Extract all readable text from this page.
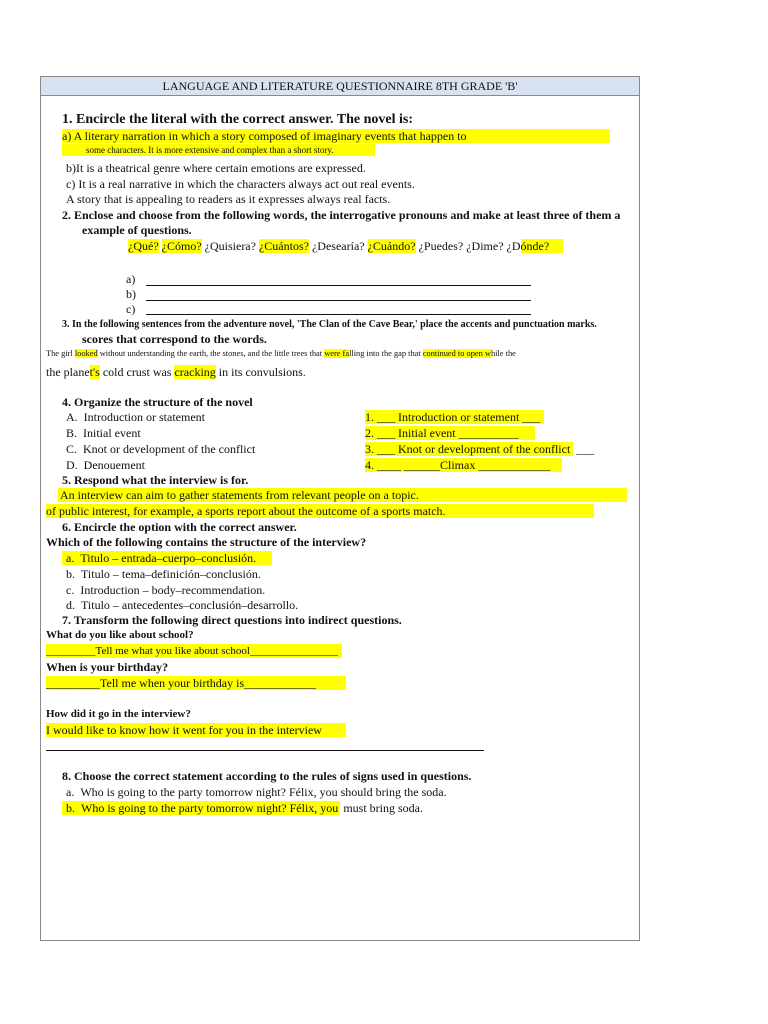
LANGUAGE AND LITERATURE QUESTIONNAIRE 8TH GRADE 'B'
1. Encircle the literal with the correct answer. The novel is:
a) A literary narration in which a story composed of imaginary events that happen to
some characters. It is more extensive and complex than a short story.
b)It is a theatrical genre where certain emotions are expressed.
c) It is a real narrative in which the characters always act out real events.
A story that is appealing to readers as it expresses always real facts.
2. Enclose and choose from the following words, the interrogative pronouns and make at least three of them a
example of questions.
¿Qué? ¿Cómo? ¿Quisiera? ¿Cuántos? ¿Desearía? ¿Cuándo? ¿Puedes? ¿Dime? ¿Dónde?
a)
b)
c)
3. In the following sentences from the adventure novel, 'The Clan of the Cave Bear,' place the accents and punctuation marks.
scores that correspond to the words.
The girl looked without understanding the earth, the stones, and the little trees that were falling into the gap that continued to open while the
the planet's cold crust was cracking in its convulsions.
4. Organize the structure of the novel
A. Introduction or statement
B. Initial event
C. Knot or development of the conflict
D. Denouement
1. ___ Introduction or statement ___
2. ___ Initial event __________
3. ___ Knot or development of the conflict ___
4. ____ ______Climax ____________
5. Respond what the interview is for.
An interview can aim to gather statements from relevant people on a topic.
of public interest, for example, a sports report about the outcome of a sports match.
6. Encircle the option with the correct answer.
Which of the following contains the structure of the interview?
a. Titulo – entrada–cuerpo–conclusión.
b. Titulo – tema–definición–conclusión.
c. Introduction – body–recommendation.
d. Titulo – antecedentes–conclusión–desarrollo.
7. Transform the following direct questions into indirect questions.
What do you like about school?
_________Tell me what you like about school________________
When is your birthday?
_________Tell me when your birthday is____________
How did it go in the interview?
I would like to know how it went for you in the interview
8. Choose the correct statement according to the rules of signs used in questions.
a. Who is going to the party tomorrow night? Félix, you should bring the soda.
b. Who is going to the party tomorrow night? Félix, you must bring soda.
